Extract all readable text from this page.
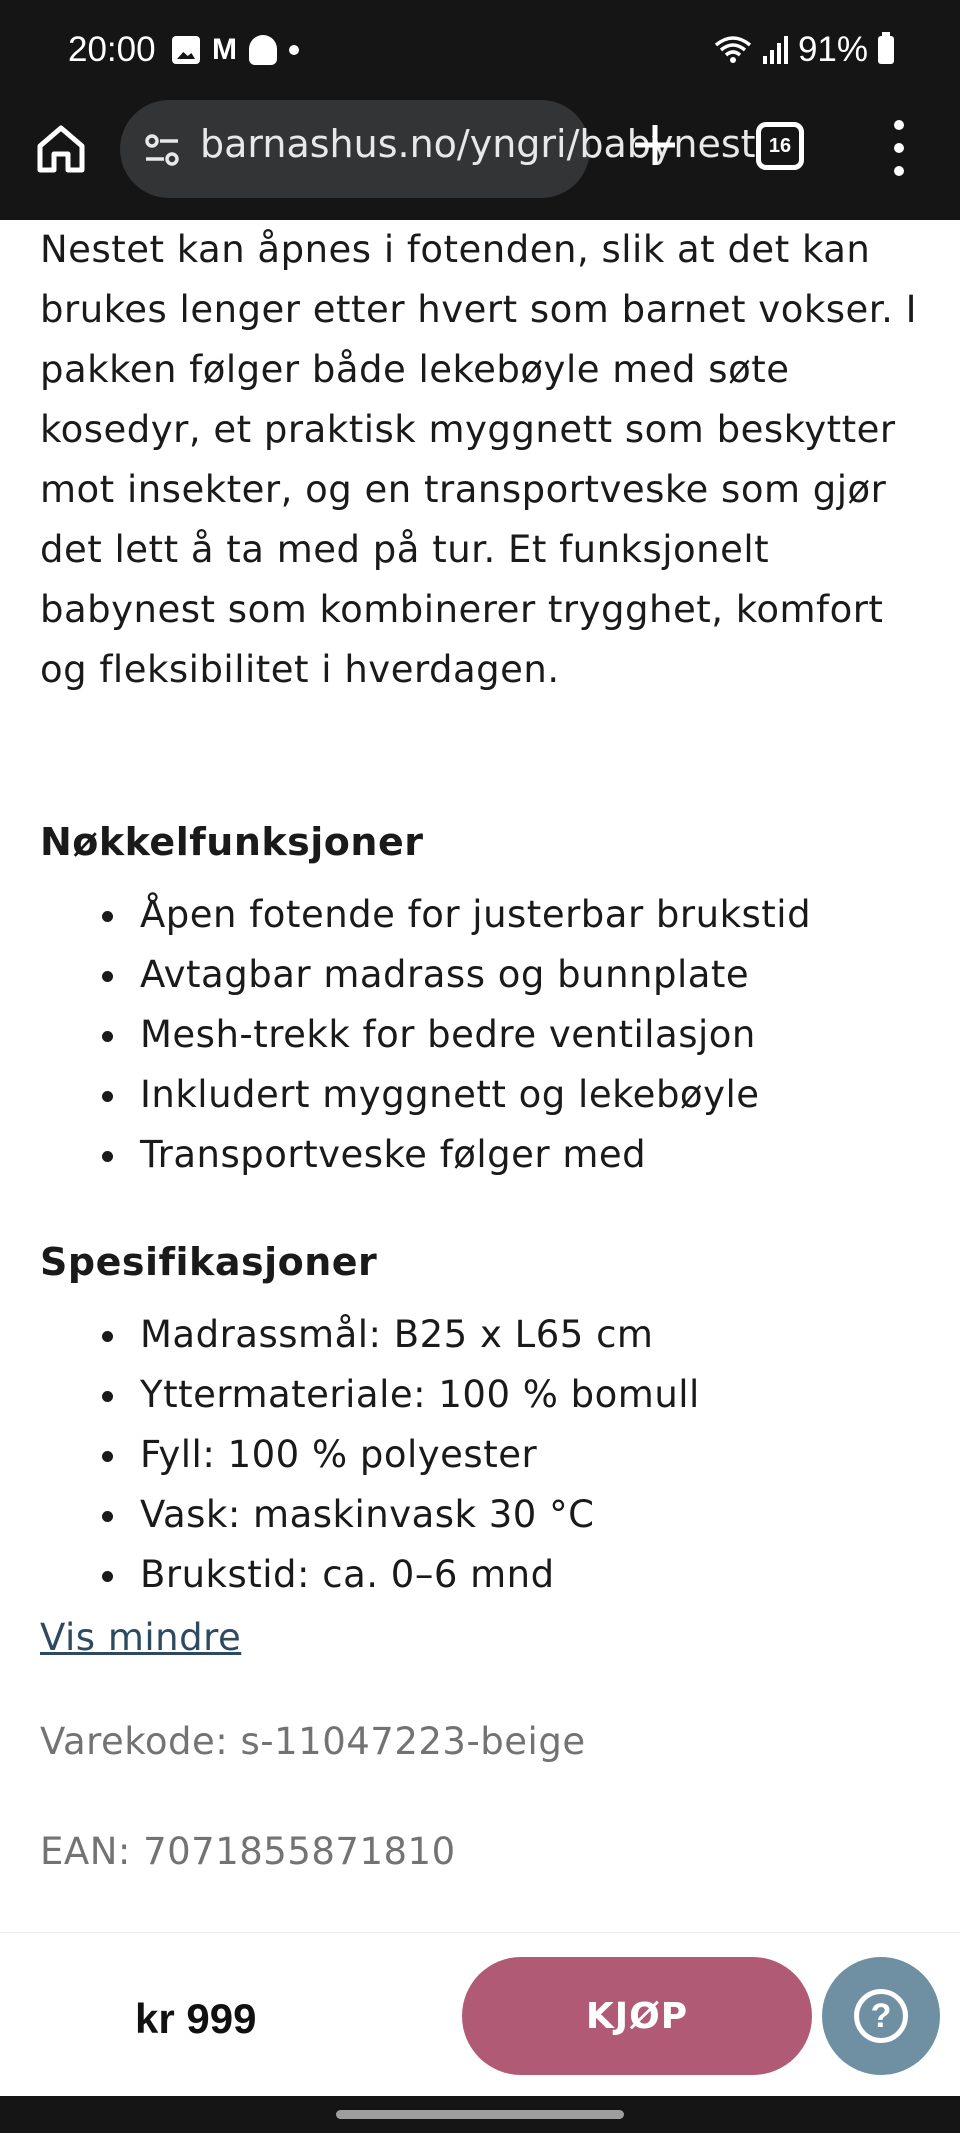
20:00 M	91%
barnashus.no/yngri/babynest 16

Nestet kan åpnes i fotenden, slik at det kan brukes lenger etter hvert som barnet vokser. I pakken følger både lekebøyle med søte kosedyr, et praktisk myggnett som beskytter mot insekter, og en transportveske som gjør det lett å ta med på tur. Et funksjonelt babynest som kombinerer trygghet, komfort og fleksibilitet i hverdagen.

Nøkkelfunksjoner
Åpen fotende for justerbar brukstid
Avtagbar madrass og bunnplate
Mesh-trekk for bedre ventilasjon
Inkludert myggnett og lekebøyle
Transportveske følger med
Spesifikasjoner
Madrassmål: B25 x L65 cm
Yttermateriale: 100 % bomull
Fyll: 100 % polyester
Vask: maskinvask 30 °C
Brukstid: ca. 0–6 mnd
Vis mindre
Varekode: s-11047223-beige
EAN: 7071855871810
kr 999	KJØP	?
